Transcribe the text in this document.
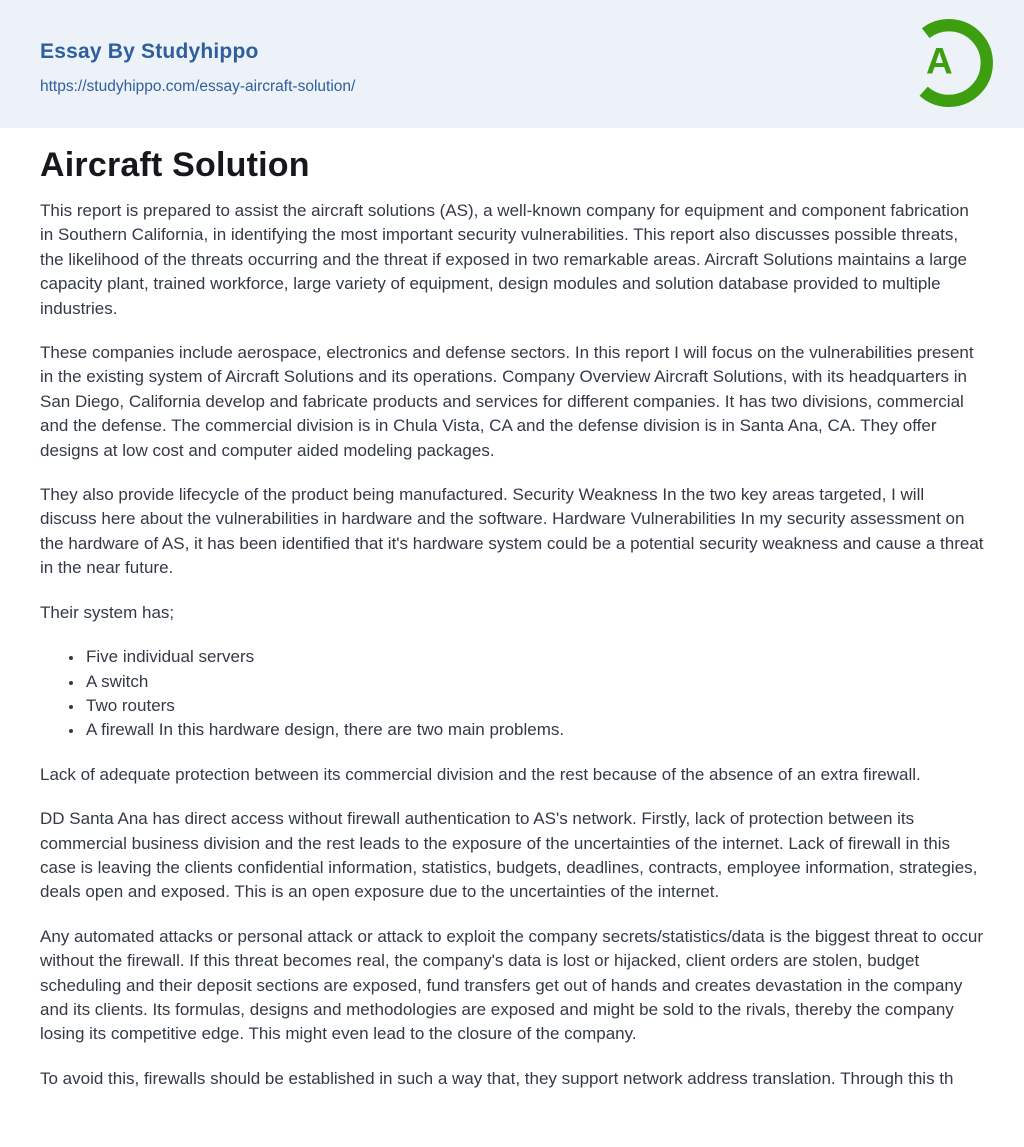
Essay By Studyhippo
https://studyhippo.com/essay-aircraft-solution/
A
Aircraft Solution

This report is prepared to assist the aircraft solutions (AS), a well-known company for equipment and component fabrication in Southern California, in identifying the most important security vulnerabilities. This report also discusses possible threats, the likelihood of the threats occurring and the threat if exposed in two remarkable areas. Aircraft Solutions maintains a large capacity plant, trained workforce, large variety of equipment, design modules and solution database provided to multiple industries.

These companies include aerospace, electronics and defense sectors. In this report I will focus on the vulnerabilities present in the existing system of Aircraft Solutions and its operations. Company Overview Aircraft Solutions, with its headquarters in San Diego, California develop and fabricate products and services for different companies. It has two divisions, commercial and the defense. The commercial division is in Chula Vista, CA and the defense division is in Santa Ana, CA. They offer designs at low cost and computer aided modeling packages.

They also provide lifecycle of the product being manufactured. Security Weakness In the two key areas targeted, I will discuss here about the vulnerabilities in hardware and the software. Hardware Vulnerabilities In my security assessment on the hardware of AS, it has been identified that it's hardware system could be a potential security weakness and cause a threat in the near future.

Their system has;

• Five individual servers
• A switch
• Two routers
• A firewall In this hardware design, there are two main problems.

Lack of adequate protection between its commercial division and the rest because of the absence of an extra firewall.

DD Santa Ana has direct access without firewall authentication to AS's network. Firstly, lack of protection between its commercial business division and the rest leads to the exposure of the uncertainties of the internet. Lack of firewall in this case is leaving the clients confidential information, statistics, budgets, deadlines, contracts, employee information, strategies, deals open and exposed. This is an open exposure due to the uncertainties of the internet.

Any automated attacks or personal attack or attack to exploit the company secrets/statistics/data is the biggest threat to occur without the firewall. If this threat becomes real, the company's data is lost or hijacked, client orders are stolen, budget scheduling and their deposit sections are exposed, fund transfers get out of hands and creates devastation in the company and its clients. Its formulas, designs and methodologies are exposed and might be sold to the rivals, thereby the company losing its competitive edge. This might even lead to the closure of the company.

To avoid this, firewalls should be established in such a way that, they support network address translation. Through this th
